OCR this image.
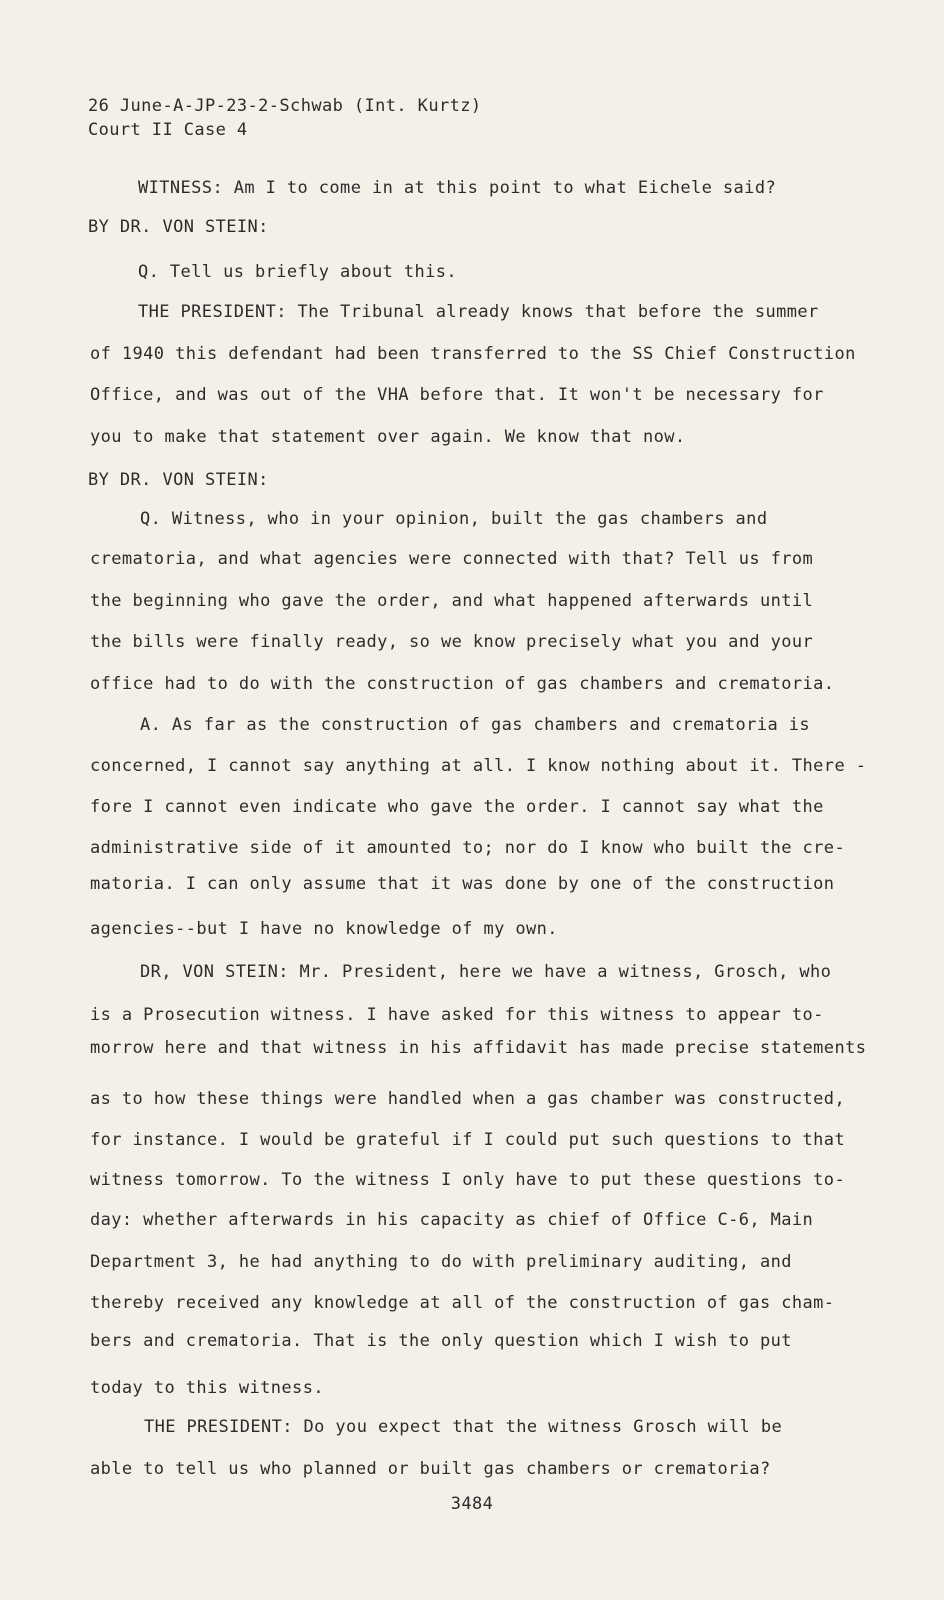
26 June-A-JP-23-2-Schwab (Int. Kurtz)
Court II Case 4
WITNESS: Am I to come in at this point to what Eichele said?
BY DR. VON STEIN:
Q. Tell us briefly about this.
THE PRESIDENT: The Tribunal already knows that before the summer
of 1940 this defendant had been transferred to the SS Chief Construction
Office, and was out of the VHA before that. It won't be necessary for
you to make that statement over again. We know that now.
BY DR. VON STEIN:
Q. Witness, who in your opinion, built the gas chambers and
crematoria, and what agencies were connected with that? Tell us from
the beginning who gave the order, and what happened afterwards until
the bills were finally ready, so we know precisely what you and your
office had to do with the construction of gas chambers and crematoria.
A. As far as the construction of gas chambers and crematoria is
concerned, I cannot say anything at all. I know nothing about it. There -
fore I cannot even indicate who gave the order. I cannot say what the
administrative side of it amounted to; nor do I know who built the cre-
matoria. I can only assume that it was done by one of the construction
agencies--but I have no knowledge of my own.
DR, VON STEIN: Mr. President, here we have a witness, Grosch, who
is a Prosecution witness. I have asked for this witness to appear to-
morrow here and that witness in his affidavit has made precise statements
as to how these things were handled when a gas chamber was constructed,
for instance. I would be grateful if I could put such questions to that
witness tomorrow. To the witness I only have to put these questions to-
day: whether afterwards in his capacity as chief of Office C-6, Main
Department 3, he had anything to do with preliminary auditing, and
thereby received any knowledge at all of the construction of gas cham-
bers and crematoria. That is the only question which I wish to put
today to this witness.
THE PRESIDENT: Do you expect that the witness Grosch will be
able to tell us who planned or built gas chambers or crematoria?
3484
